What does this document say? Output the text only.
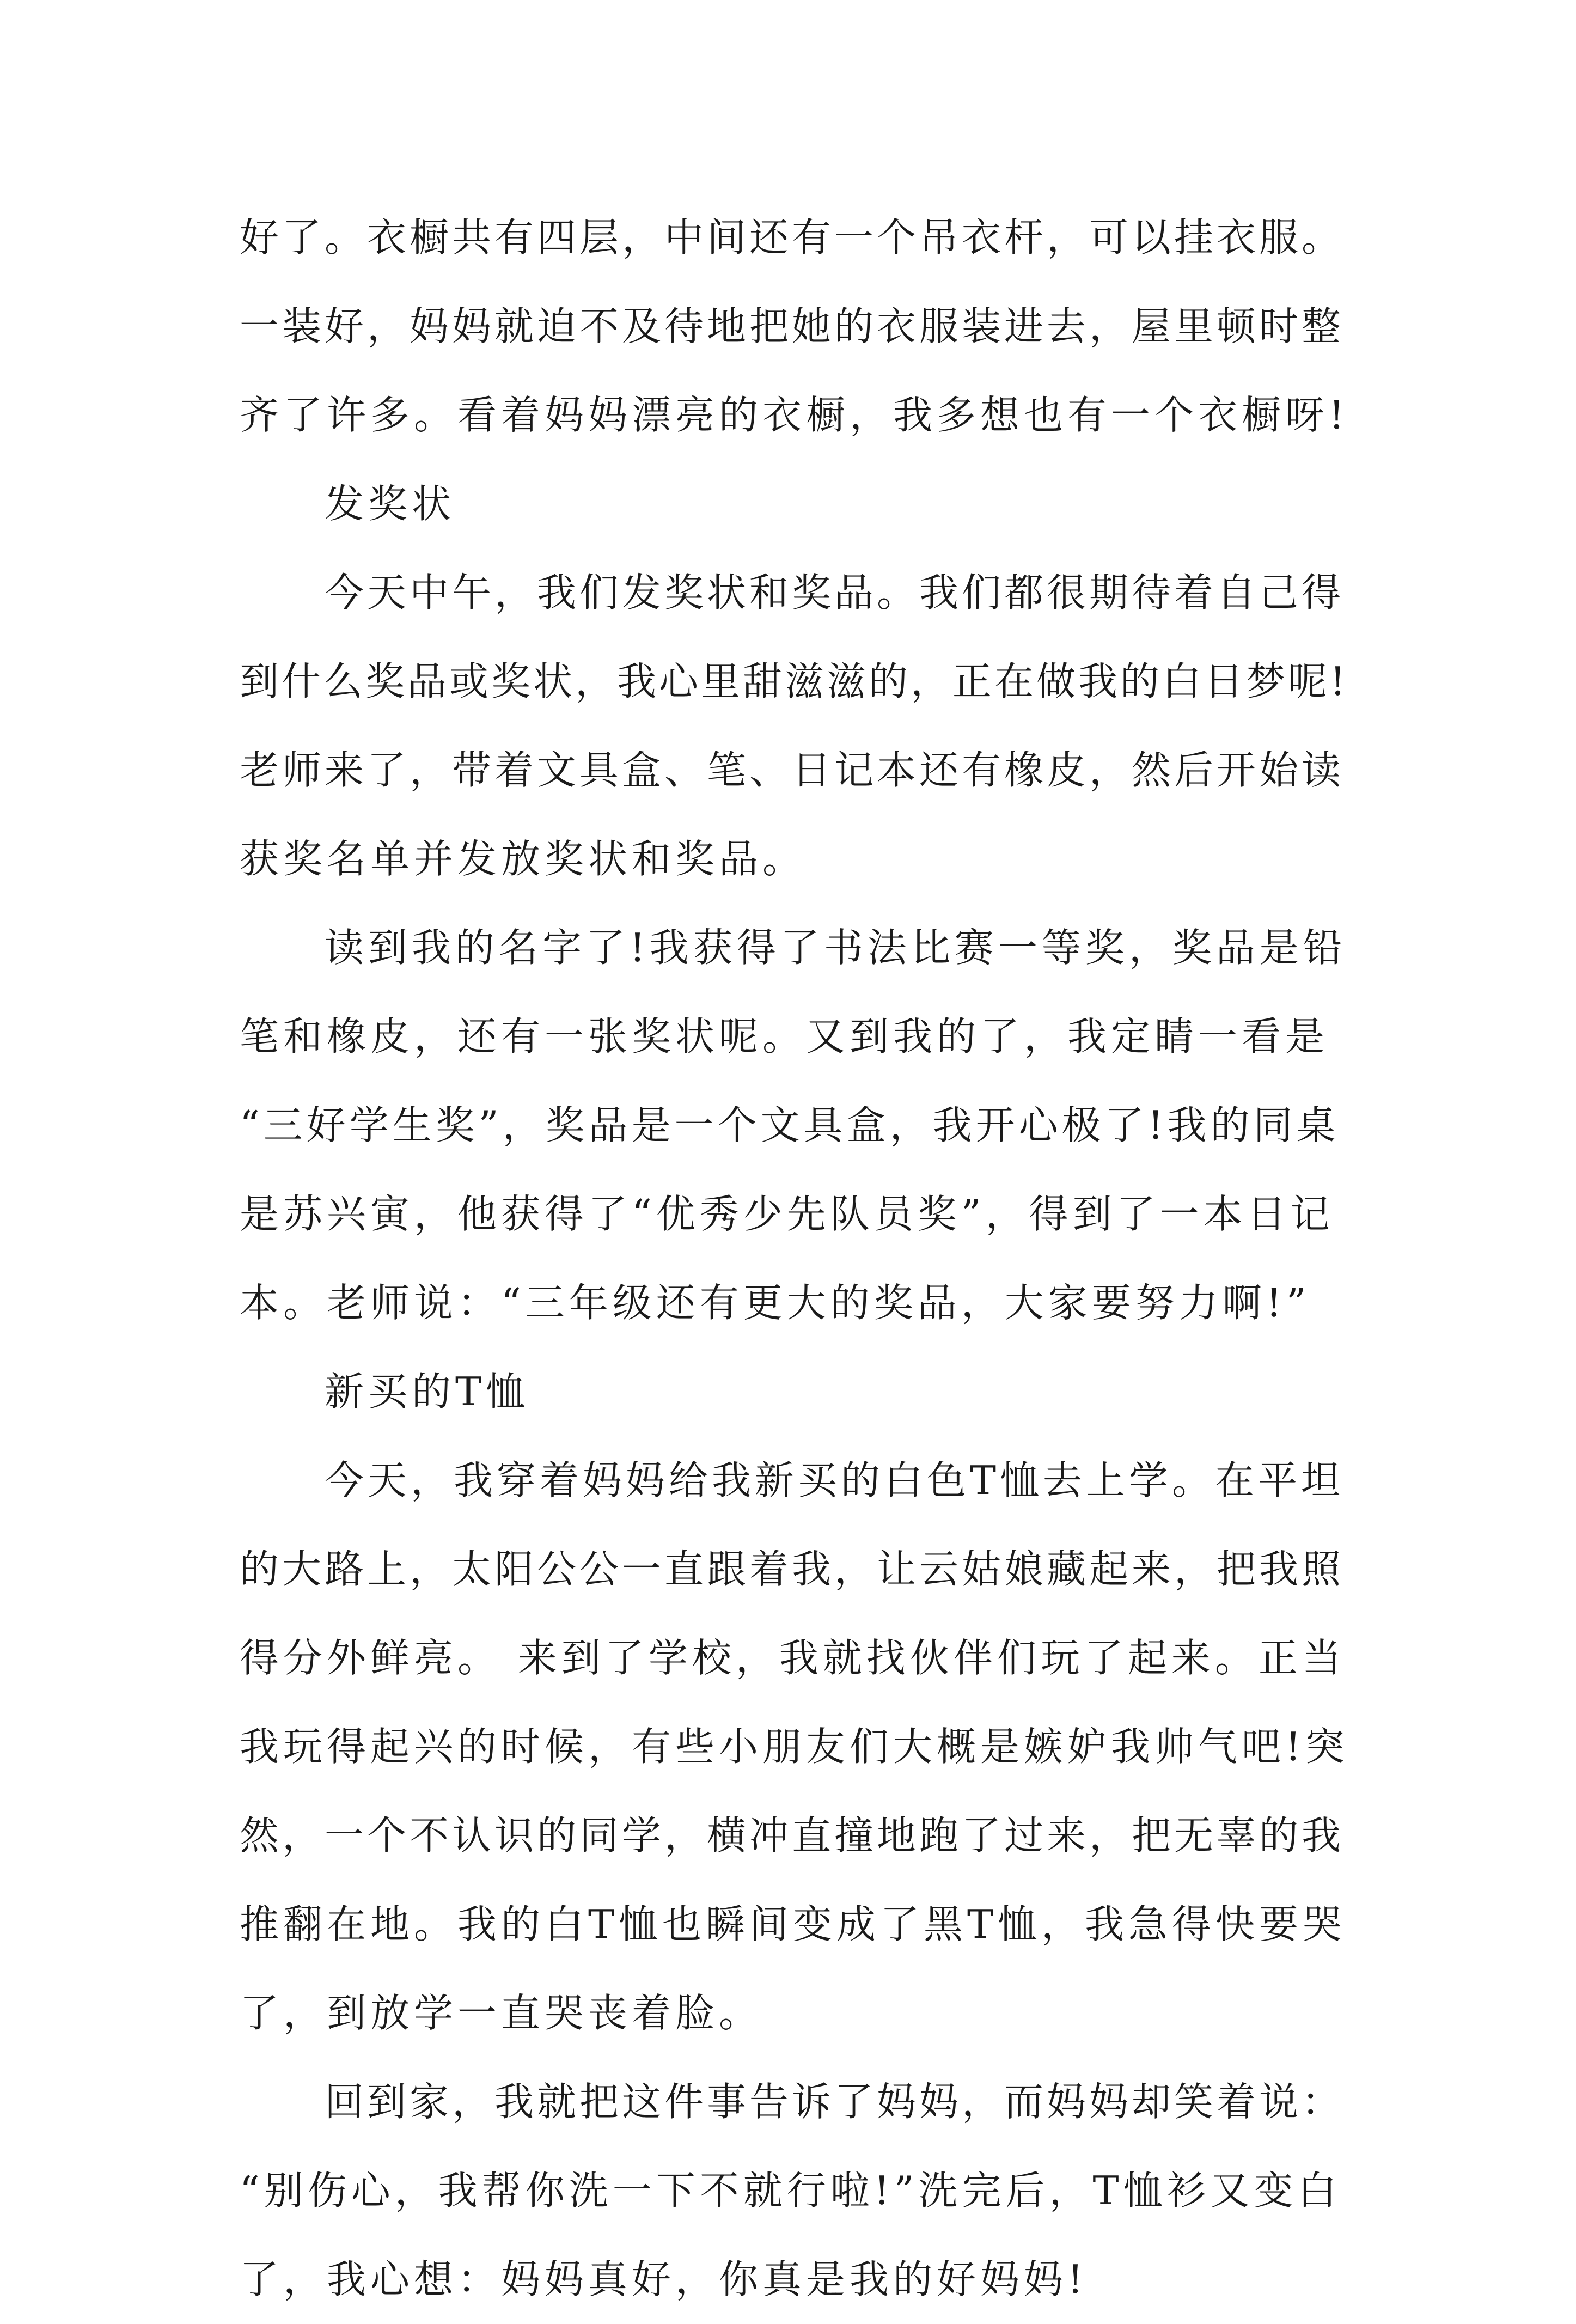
好了。衣橱共有四层，中间还有一个吊衣杆，可以挂衣服。
一装好，妈妈就迫不及待地把她的衣服装进去，屋里顿时整
齐了许多。看着妈妈漂亮的衣橱，我多想也有一个衣橱呀!
发奖状
今天中午，我们发奖状和奖品。我们都很期待着自己得
到什么奖品或奖状，我心里甜滋滋的，正在做我的白日梦呢!
老师来了，带着文具盒、笔、日记本还有橡皮，然后开始读
获奖名单并发放奖状和奖品。
读到我的名字了!我获得了书法比赛一等奖，奖品是铅
笔和橡皮，还有一张奖状呢。又到我的了，我定睛一看是
“三好学生奖”，奖品是一个文具盒，我开心极了!我的同桌
是苏兴寅，他获得了“优秀少先队员奖”，得到了一本日记
本。老师说：“三年级还有更大的奖品，大家要努力啊!”
新买的T恤
今天，我穿着妈妈给我新买的白色T恤去上学。在平坦
的大路上，太阳公公一直跟着我，让云姑娘藏起来，把我照
得分外鲜亮。 来到了学校，我就找伙伴们玩了起来。正当
我玩得起兴的时候，有些小朋友们大概是嫉妒我帅气吧!突
然，一个不认识的同学，横冲直撞地跑了过来，把无辜的我
推翻在地。我的白T恤也瞬间变成了黑T恤，我急得快要哭
了，到放学一直哭丧着脸。
回到家，我就把这件事告诉了妈妈，而妈妈却笑着说：
“别伤心，我帮你洗一下不就行啦!”洗完后，T恤衫又变白
了，我心想：妈妈真好，你真是我的好妈妈!
